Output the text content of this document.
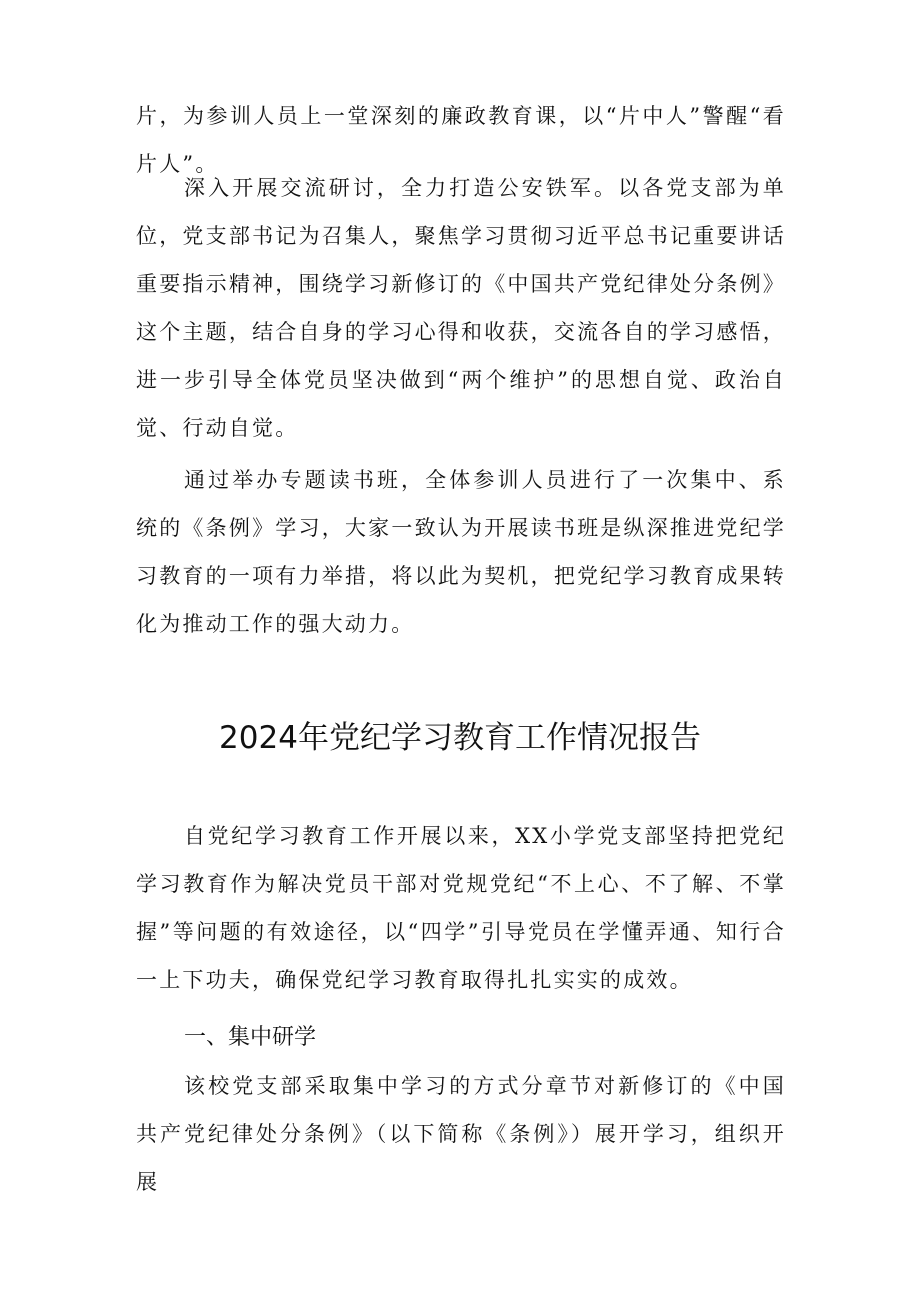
片，为参训人员上一堂深刻的廉政教育课，以“片中人”警醒“看片人”。

深入开展交流研讨，全力打造公安铁军。以各党支部为单位，党支部书记为召集人，聚焦学习贯彻习近平总书记重要讲话重要指示精神，围绕学习新修订的《中国共产党纪律处分条例》这个主题，结合自身的学习心得和收获，交流各自的学习感悟，进一步引导全体党员坚决做到“两个维护”的思想自觉、政治自觉、行动自觉。

通过举办专题读书班，全体参训人员进行了一次集中、系统的《条例》学习，大家一致认为开展读书班是纵深推进党纪学习教育的一项有力举措，将以此为契机，把党纪学习教育成果转化为推动工作的强大动力。

2024年党纪学习教育工作情况报告

自党纪学习教育工作开展以来，XX小学党支部坚持把党纪学习教育作为解决党员干部对党规党纪“不上心、不了解、不掌握”等问题的有效途径，以“四学”引导党员在学懂弄通、知行合一上下功夫，确保党纪学习教育取得扎扎实实的成效。

一、集中研学

该校党支部采取集中学习的方式分章节对新修订的《中国共产党纪律处分条例》（以下简称《条例》）展开学习，组织开展
